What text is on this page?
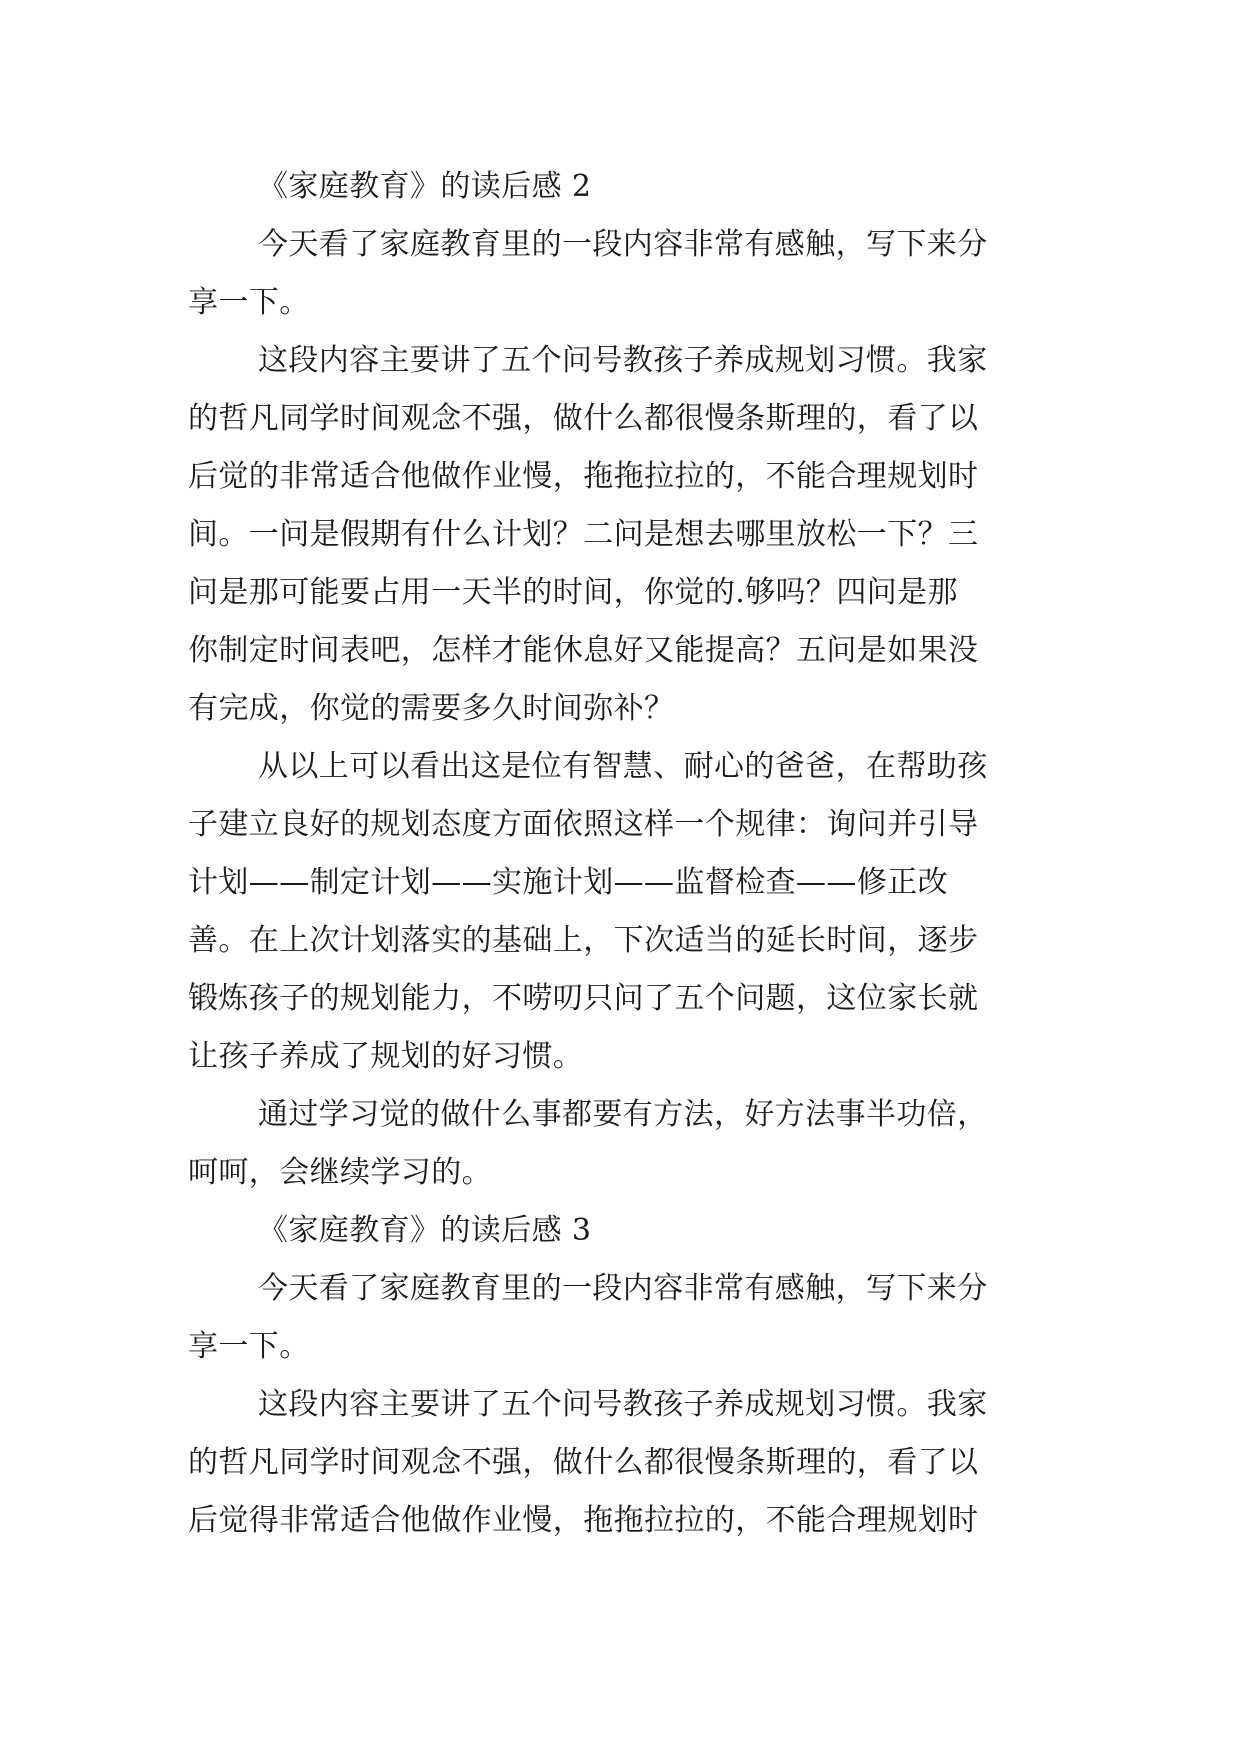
《家庭教育》的读后感 2
今天看了家庭教育里的一段内容非常有感触，写下来分
享一下。
这段内容主要讲了五个问号教孩子养成规划习惯。我家
的哲凡同学时间观念不强，做什么都很慢条斯理的，看了以
后觉的非常适合他做作业慢，拖拖拉拉的，不能合理规划时
间。一问是假期有什么计划？二问是想去哪里放松一下？三
问是那可能要占用一天半的时间，你觉的.够吗？四问是那
你制定时间表吧，怎样才能休息好又能提高？五问是如果没
有完成，你觉的需要多久时间弥补？
从以上可以看出这是位有智慧、耐心的爸爸，在帮助孩
子建立良好的规划态度方面依照这样一个规律：询问并引导
计划——制定计划——实施计划——监督检查——修正改
善。在上次计划落实的基础上，下次适当的延长时间，逐步
锻炼孩子的规划能力，不唠叨只问了五个问题，这位家长就
让孩子养成了规划的好习惯。
通过学习觉的做什么事都要有方法，好方法事半功倍，
呵呵，会继续学习的。
《家庭教育》的读后感 3
今天看了家庭教育里的一段内容非常有感触，写下来分
享一下。
这段内容主要讲了五个问号教孩子养成规划习惯。我家
的哲凡同学时间观念不强，做什么都很慢条斯理的，看了以
后觉得非常适合他做作业慢，拖拖拉拉的，不能合理规划时
